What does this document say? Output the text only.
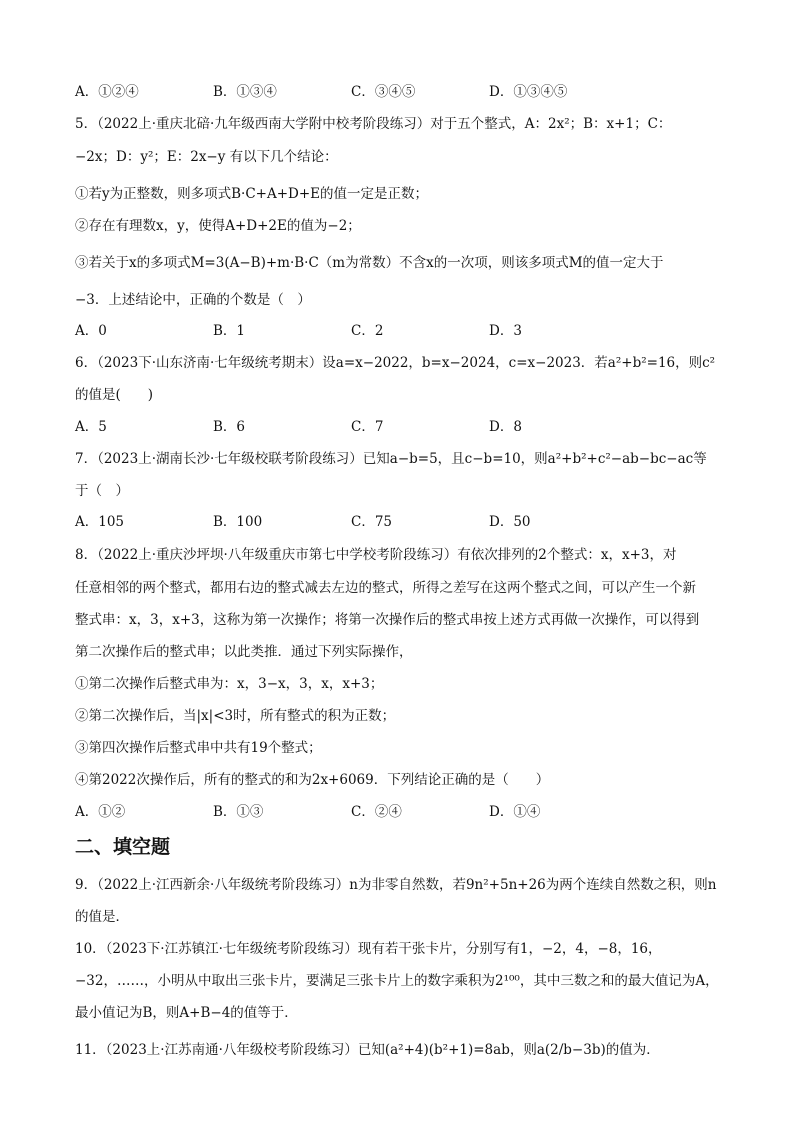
A．①②④	B．①③④	C．③④⑤	D．①③④⑤
5．（2022上·重庆北碚·九年级西南大学附中校考阶段练习）对于五个整式，A：2x²；B：x+1；C：
−2x；D：y²；E：2x−y 有以下几个结论：
①若y为正整数，则多项式B·C+A+D+E的值一定是正数；
②存在有理数x，y，使得A+D+2E的值为−2；
③若关于x的多项式M=3(A−B)+m·B·C（m为常数）不含x的一次项，则该多项式M的值一定大于
−3．上述结论中，正确的个数是（　）
A．0	B．1	C．2	D．3
6．（2023下·山东济南·七年级统考期末）设a=x−2022，b=x−2024，c=x−2023．若a²+b²=16，则c²
的值是(　　)
A．5	B．6	C．7	D．8
7．（2023上·湖南长沙·七年级校联考阶段练习）已知a−b=5，且c−b=10，则a²+b²+c²−ab−bc−ac等
于（　）
A．105	B．100	C．75	D．50
8．（2022上·重庆沙坪坝·八年级重庆市第七中学校考阶段练习）有依次排列的2个整式：x，x+3，对
任意相邻的两个整式，都用右边的整式减去左边的整式，所得之差写在这两个整式之间，可以产生一个新
整式串：x，3，x+3，这称为第一次操作；将第一次操作后的整式串按上述方式再做一次操作，可以得到
第二次操作后的整式串；以此类推．通过下列实际操作，
①第二次操作后整式串为：x，3−x，3，x，x+3；
②第二次操作后，当|x|<3时，所有整式的积为正数；
③第四次操作后整式串中共有19个整式；
④第2022次操作后，所有的整式的和为2x+6069．下列结论正确的是（　　）
A．①②	B．①③	C．②④	D．①④
二、填空题
9．（2022上·江西新余·八年级统考阶段练习）n为非零自然数，若9n²+5n+26为两个连续自然数之积，则n
的值是．
10．（2023下·江苏镇江·七年级统考阶段练习）现有若干张卡片，分别写有1，−2，4，−8，16，
−32，……，小明从中取出三张卡片，要满足三张卡片上的数字乘积为2¹⁰⁰，其中三数之和的最大值记为A，
最小值记为B，则A+B−4的值等于．
11．（2023上·江苏南通·八年级校考阶段练习）已知(a²+4)(b²+1)=8ab，则a(2/b−3b)的值为．
